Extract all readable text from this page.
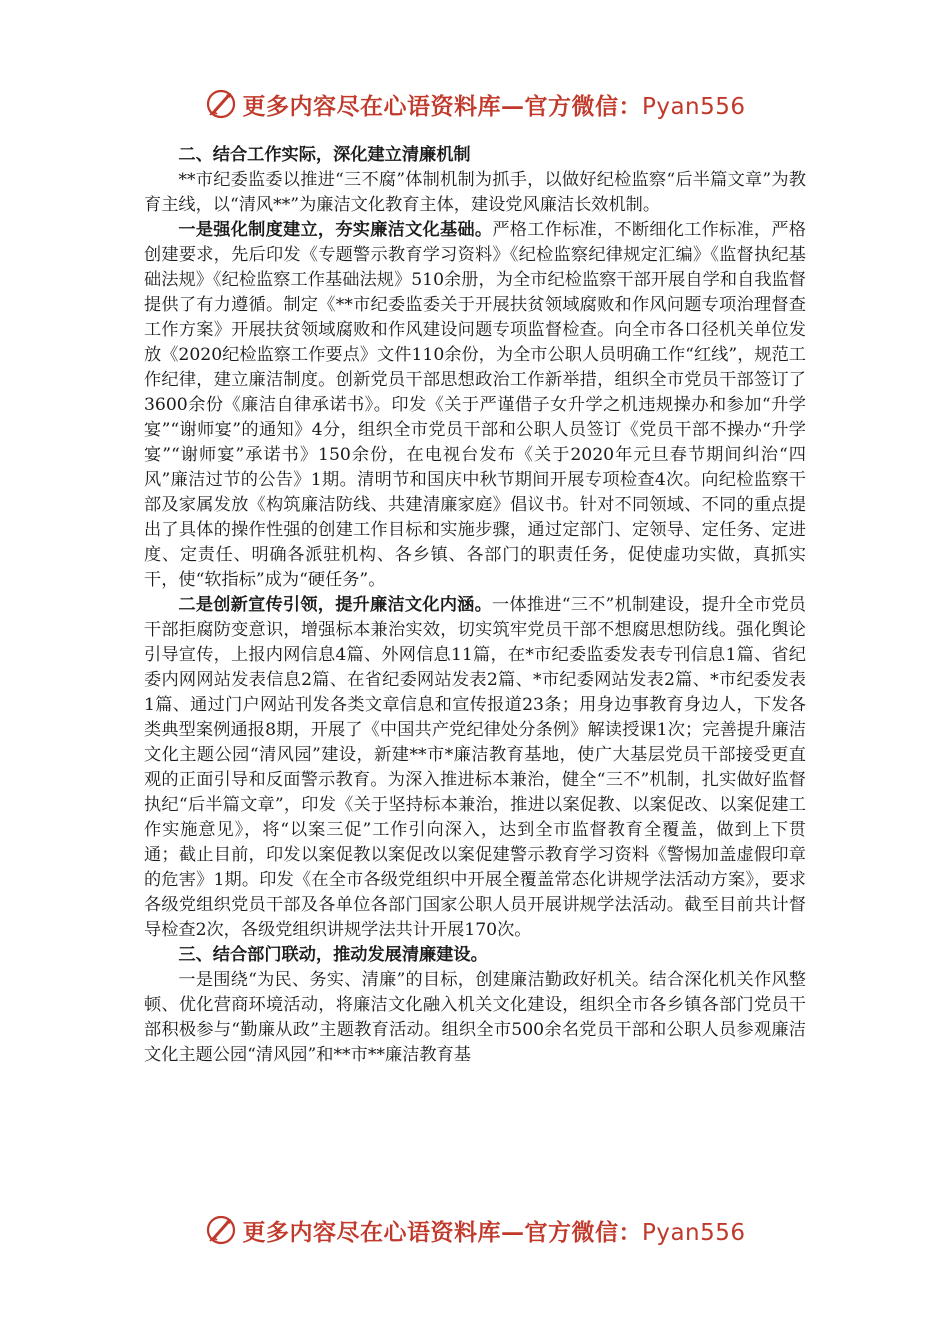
更多内容尽在心语资料库—官方微信：Pyan556

二、结合工作实际，深化建立清廉机制

**市纪委监委以推进“三不腐”体制机制为抓手，以做好纪检监察“后半篇文章”为教育主线，以“清风**”为廉洁文化教育主体，建设党风廉洁长效机制。

一是强化制度建立，夯实廉洁文化基础。严格工作标准，不断细化工作标准，严格创建要求，先后印发《专题警示教育学习资料》《纪检监察纪律规定汇编》《监督执纪基础法规》《纪检监察工作基础法规》510余册，为全市纪检监察干部开展自学和自我监督提供了有力遵循。制定《**市纪委监委关于开展扶贫领域腐败和作风问题专项治理督查工作方案》开展扶贫领域腐败和作风建设问题专项监督检查。向全市各口径机关单位发放《2020纪检监察工作要点》文件110余份，为全市公职人员明确工作“红线”，规范工作纪律，建立廉洁制度。创新党员干部思想政治工作新举措，组织全市党员干部签订了3600余份《廉洁自律承诺书》。印发《关于严谨借子女升学之机违规操办和参加“升学宴”“谢师宴”的通知》4分，组织全市党员干部和公职人员签订《党员干部不操办“升学宴”“谢师宴”承诺书》150余份，在电视台发布《关于2020年元旦春节期间纠治“四风”廉洁过节的公告》1期。清明节和国庆中秋节期间开展专项检查4次。向纪检监察干部及家属发放《构筑廉洁防线、共建清廉家庭》倡议书。针对不同领域、不同的重点提出了具体的操作性强的创建工作目标和实施步骤，通过定部门、定领导、定任务、定进度、定责任、明确各派驻机构、各乡镇、各部门的职责任务，促使虚功实做，真抓实干，使“软指标”成为“硬任务”。

二是创新宣传引领，提升廉洁文化内涵。一体推进“三不”机制建设，提升全市党员干部拒腐防变意识，增强标本兼治实效，切实筑牢党员干部不想腐思想防线。强化舆论引导宣传，上报内网信息4篇、外网信息11篇，在*市纪委监委发表专刊信息1篇、省纪委内网网站发表信息2篇、在省纪委网站发表2篇、*市纪委网站发表2篇、*市纪委发表1篇、通过门户网站刊发各类文章信息和宣传报道23条；用身边事教育身边人，下发各类典型案例通报8期，开展了《中国共产党纪律处分条例》解读授课1次；完善提升廉洁文化主题公园“清风园”建设，新建**市*廉洁教育基地，使广大基层党员干部接受更直观的正面引导和反面警示教育。为深入推进标本兼治，健全“三不”机制，扎实做好监督执纪“后半篇文章”，印发《关于坚持标本兼治，推进以案促教、以案促改、以案促建工作实施意见》，将“以案三促”工作引向深入，达到全市监督教育全覆盖，做到上下贯通；截止目前，印发以案促教以案促改以案促建警示教育学习资料《警惕加盖虚假印章的危害》1期。印发《在全市各级党组织中开展全覆盖常态化讲规学法活动方案》，要求各级党组织党员干部及各单位各部门国家公职人员开展讲规学法活动。截至目前共计督导检查2次，各级党组织讲规学法共计开展170次。

三、结合部门联动，推动发展清廉建设。

一是围绕“为民、务实、清廉”的目标，创建廉洁勤政好机关。结合深化机关作风整顿、优化营商环境活动，将廉洁文化融入机关文化建设，组织全市各乡镇各部门党员干部积极参与“勤廉从政”主题教育活动。组织全市500余名党员干部和公职人员参观廉洁文化主题公园“清风园”和**市**廉洁教育基

更多内容尽在心语资料库—官方微信：Pyan556
